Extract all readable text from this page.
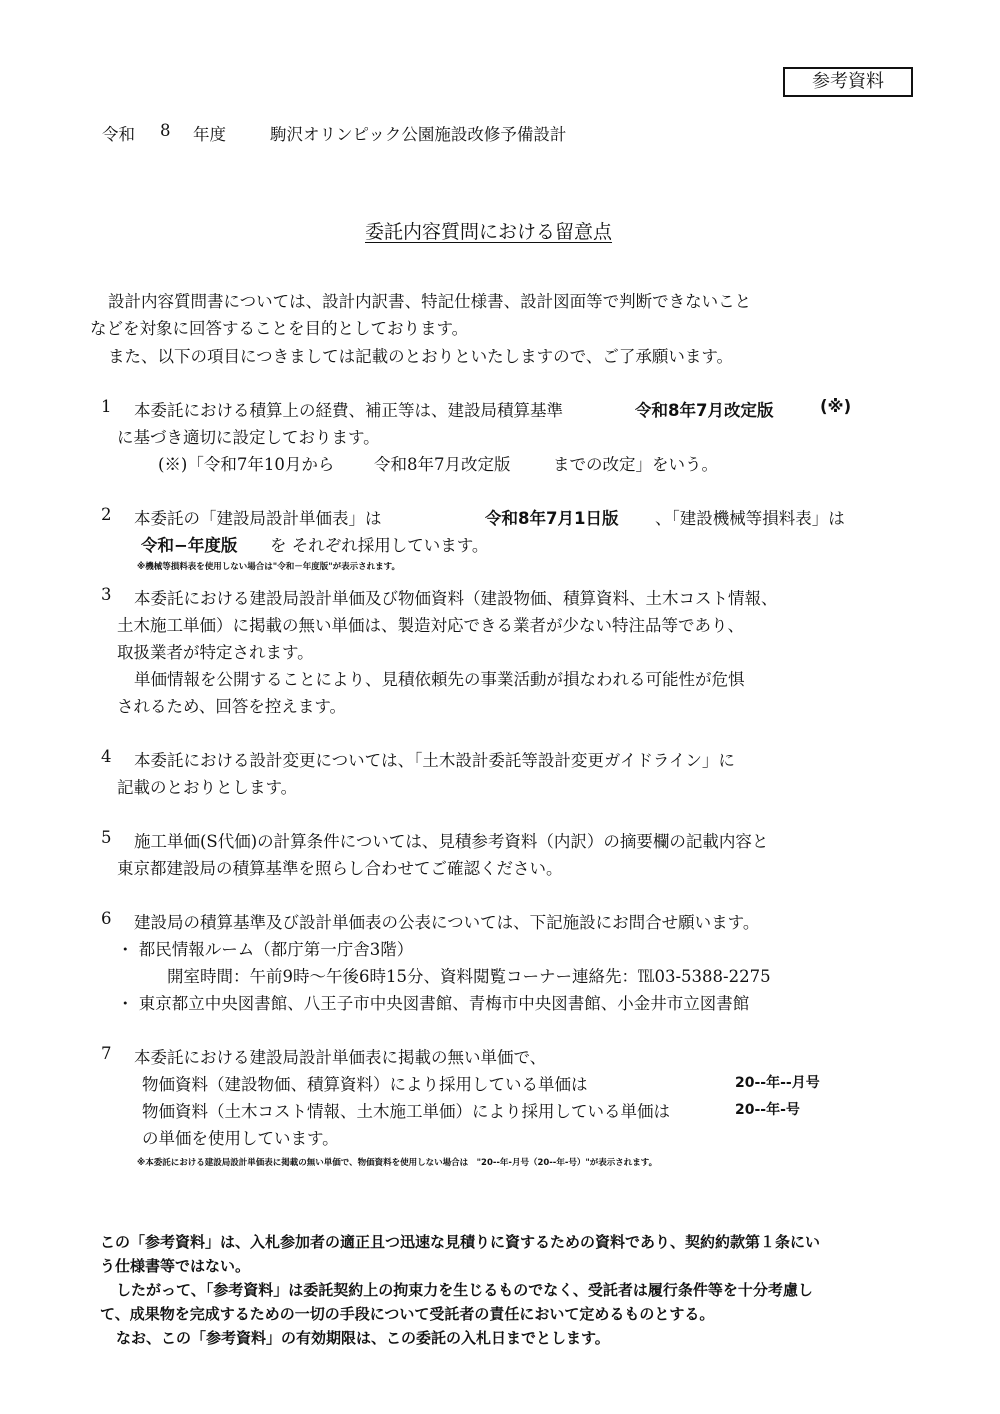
参考資料
令和 8 年度	駒沢オリンピック公園施設改修予備設計
委託内容質問における留意点
設計内容質問書については、設計内訳書、特記仕様書、設計図面等で判断できないこと
などを対象に回答することを目的としております。
また、以下の項目につきましては記載のとおりといたしますので、ご了承願います。
1 本委託における積算上の経費、補正等は、建設局積算基準	令和8年7月改定版	(※)
に基づき適切に設定しております。
(※)「令和7年10月から 令和8年7月改定版	までの改定」をいう。
2 本委託の「建設局設計単価表」は	令和8年7月1日版 、「建設機械等損料表」は
令和−年度版 を それぞれ採用しています。
※機械等損料表を使用しない場合は"令和－年度版"が表示されます。
3 本委託における建設局設計単価及び物価資料（建設物価、積算資料、土木コスト情報、
土木施工単価）に掲載の無い単価は、製造対応できる業者が少ない特注品等であり、
取扱業者が特定されます。
単価情報を公開することにより、見積依頼先の事業活動が損なわれる可能性が危惧
されるため、回答を控えます。
4 本委託における設計変更については、「土木設計委託等設計変更ガイドライン」に
記載のとおりとします。
5 施工単価(S代価)の計算条件については、見積参考資料（内訳）の摘要欄の記載内容と
東京都建設局の積算基準を照らし合わせてご確認ください。
6 建設局の積算基準及び設計単価表の公表については、下記施設にお問合せ願います。
・ 都民情報ルーム（都庁第一庁舎3階）
開室時間：午前9時～午後6時15分、資料閲覧コーナー連絡先：℡03-5388-2275
・ 東京都立中央図書館、八王子市中央図書館、青梅市中央図書館、小金井市立図書館
7 本委託における建設局設計単価表に掲載の無い単価で、
物価資料（建設物価、積算資料）により採用している単価は	20--年--月号
物価資料（土木コスト情報、土木施工単価）により採用している単価は	20--年-号
の単価を使用しています。
※本委託における建設局設計単価表に掲載の無い単価で、物価資料を使用しない場合は　"20--年-月号（20--年-号）"が表示されます。
この「参考資料」は、入札参加者の適正且つ迅速な見積りに資するための資料であり、契約約款第１条にい
う仕様書等ではない。
したがって、「参考資料」は委託契約上の拘束力を生じるものでなく、受託者は履行条件等を十分考慮し
て、成果物を完成するための一切の手段について受託者の責任において定めるものとする。
なお、この「参考資料」の有効期限は、この委託の入札日までとします。
